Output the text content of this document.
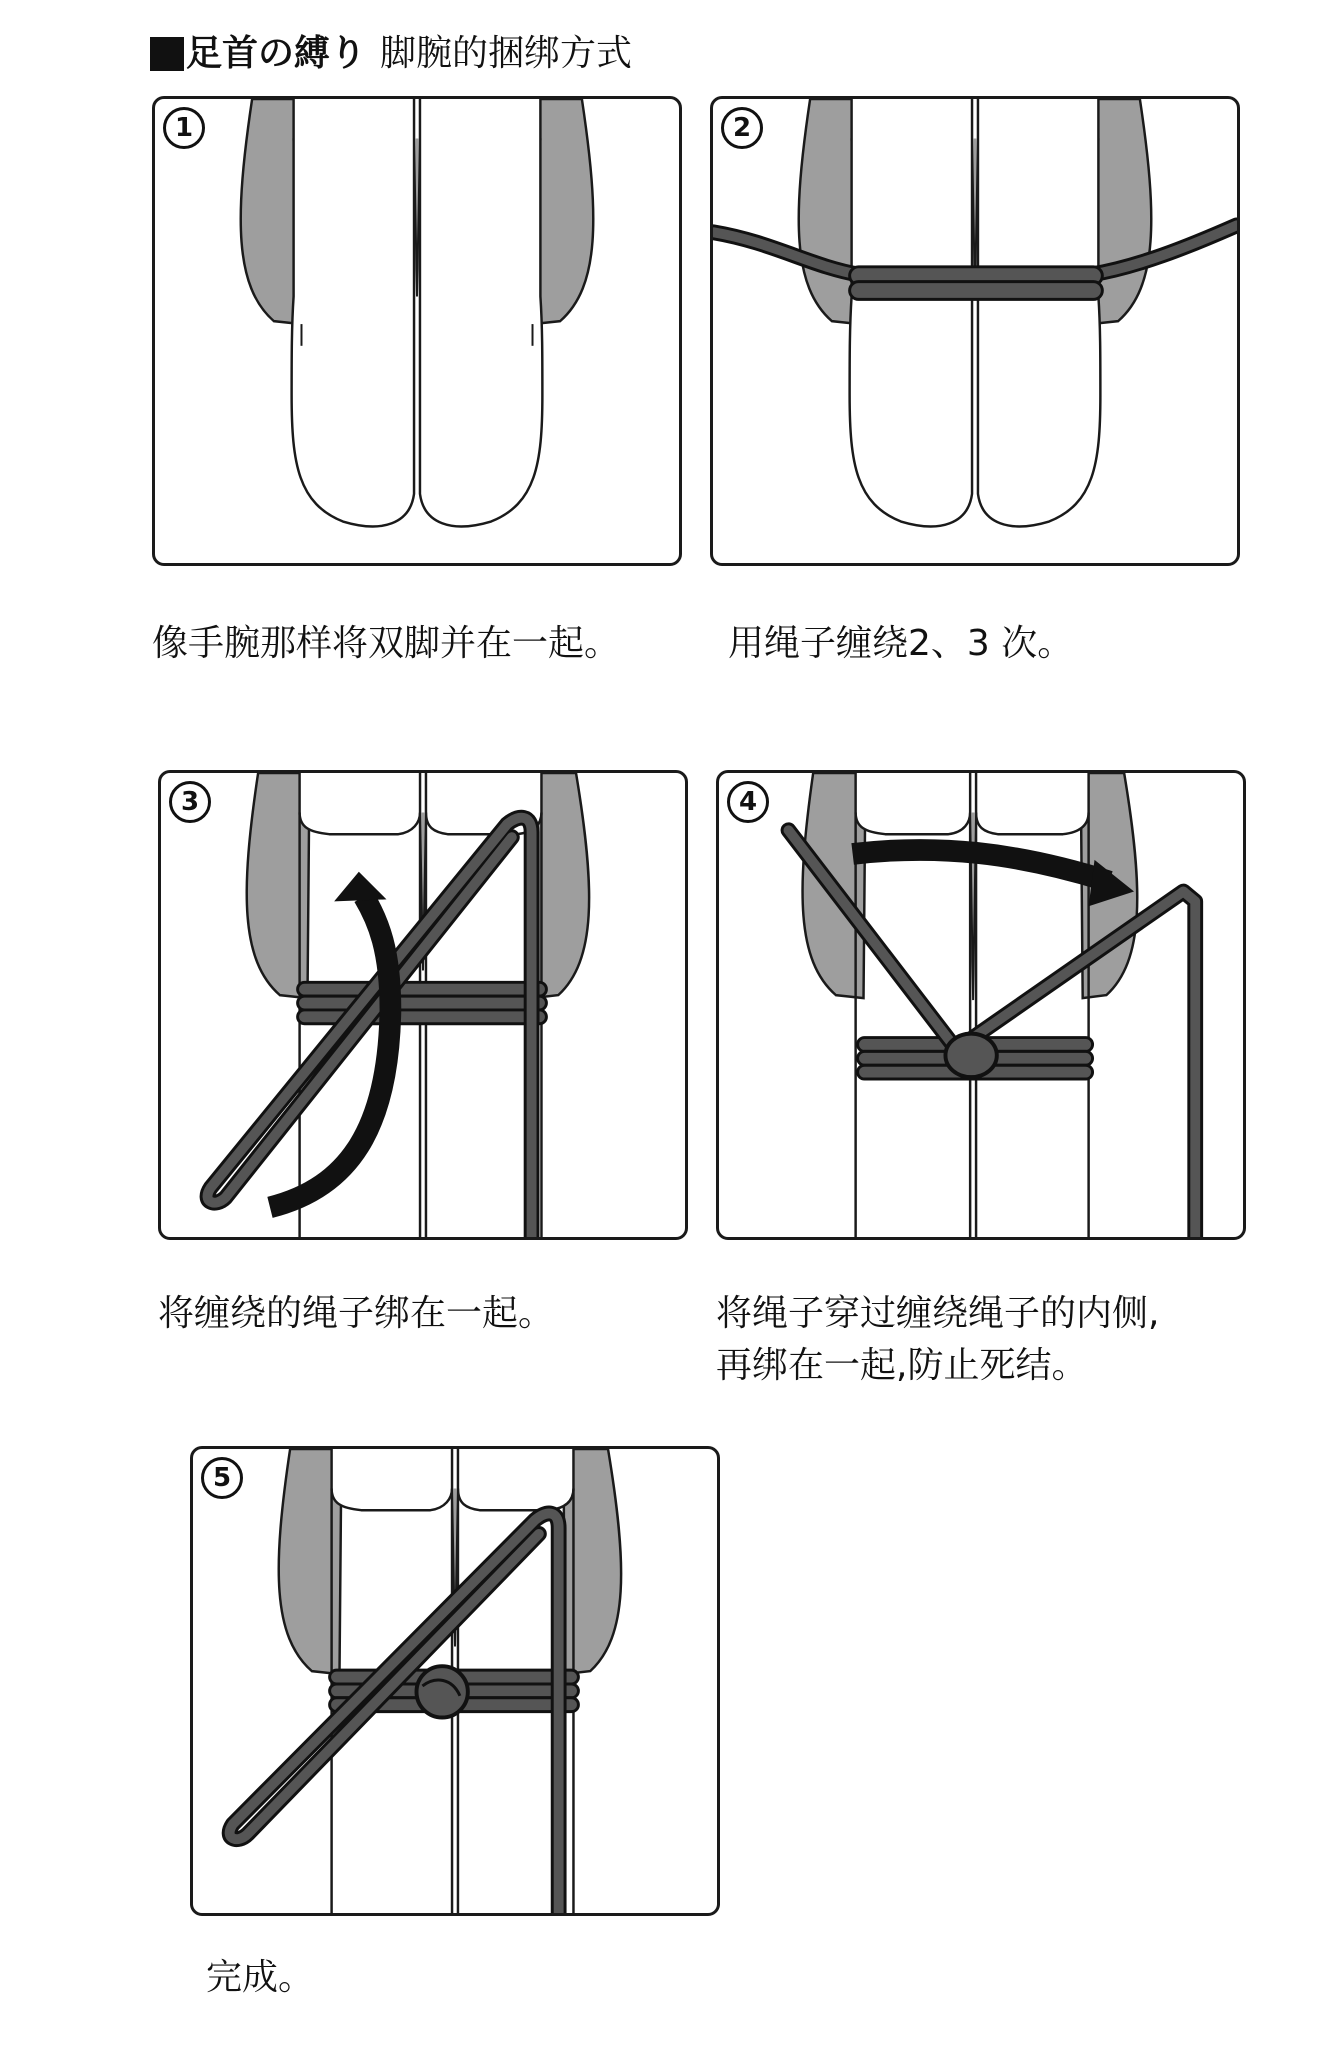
足首の縛り 脚腕的捆绑方式
1	2
像手腕那样将双脚并在一起。	用绳子缠绕2、3 次。
3	4
将缠绕的绳子绑在一起。	将绳子穿过缠绕绳子的内侧,
再绑在一起,防止死结。
5
完成。
